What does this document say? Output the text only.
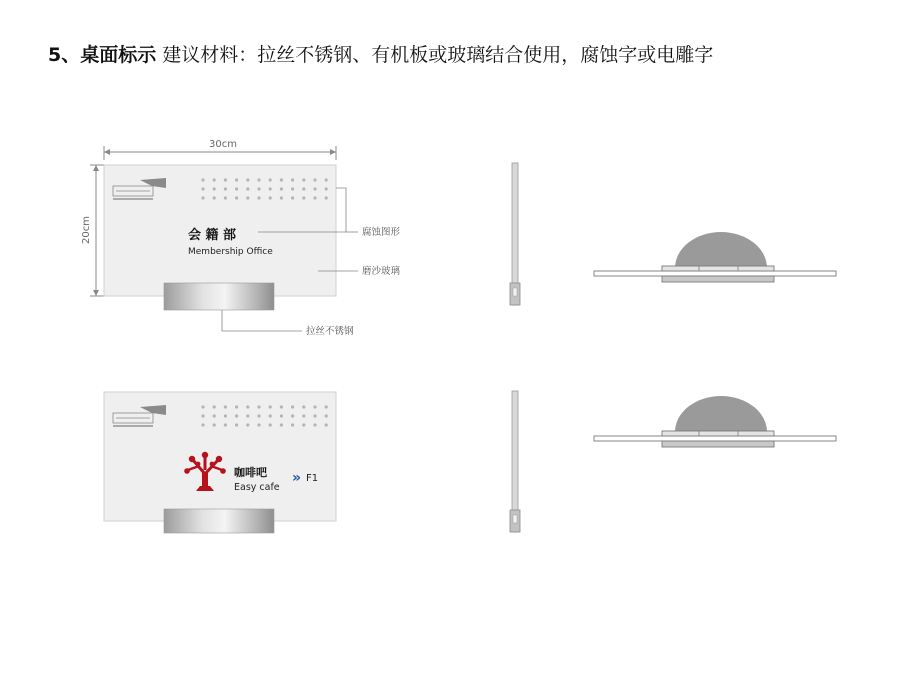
5、桌面标示 建议材料：拉丝不锈钢、有机板或玻璃结合使用，腐蚀字或电雕字
30cm
20cm	会 籍 部
Membership Office
腐蚀图形
磨沙玻璃
拉丝不锈钢
咖啡吧
Easy cafe
» F1
